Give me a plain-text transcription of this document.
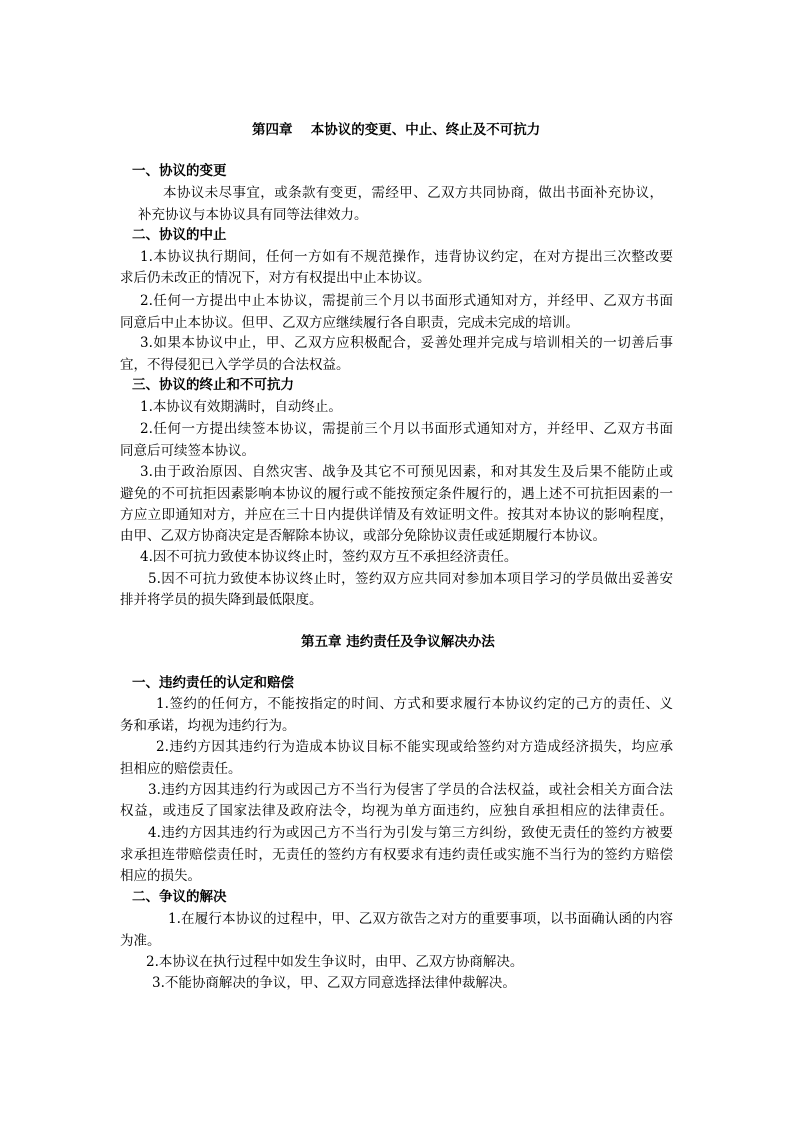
第四章　 本协议的变更、中止、终止及不可抗力
一、协议的变更
本协议未尽事宜，或条款有变更，需经甲、乙双方共同协商，做出书面补充协议，
补充协议与本协议具有同等法律效力。
二、协议的中止
1.本协议执行期间，任何一方如有不规范操作，违背协议约定，在对方提出三次整改要
求后仍未改正的情况下，对方有权提出中止本协议。
2.任何一方提出中止本协议，需提前三个月以书面形式通知对方，并经甲、乙双方书面
同意后中止本协议。但甲、乙双方应继续履行各自职责，完成未完成的培训。
3.如果本协议中止，甲、乙双方应积极配合，妥善处理并完成与培训相关的一切善后事
宜，不得侵犯已入学学员的合法权益。
三、协议的终止和不可抗力
1.本协议有效期满时，自动终止。
2.任何一方提出续签本协议，需提前三个月以书面形式通知对方，并经甲、乙双方书面
同意后可续签本协议。
3.由于政治原因、自然灾害、战争及其它不可预见因素，和对其发生及后果不能防止或
避免的不可抗拒因素影响本协议的履行或不能按预定条件履行的，遇上述不可抗拒因素的一
方应立即通知对方，并应在三十日内提供详情及有效证明文件。按其对本协议的影响程度，
由甲、乙双方协商决定是否解除本协议，或部分免除协议责任或延期履行本协议。
4.因不可抗力致使本协议终止时，签约双方互不承担经济责任。
5.因不可抗力致使本协议终止时，签约双方应共同对参加本项目学习的学员做出妥善安
排并将学员的损失降到最低限度。
第五章 违约责任及争议解决办法
一、违约责任的认定和赔偿
1.签约的任何方，不能按指定的时间、方式和要求履行本协议约定的己方的责任、义
务和承诺，均视为违约行为。
2.违约方因其违约行为造成本协议目标不能实现或给签约对方造成经济损失，均应承
担相应的赔偿责任。
3.违约方因其违约行为或因己方不当行为侵害了学员的合法权益，或社会相关方面合法
权益，或违反了国家法律及政府法令，均视为单方面违约，应独自承担相应的法律责任。
4.违约方因其违约行为或因己方不当行为引发与第三方纠纷，致使无责任的签约方被要
求承担连带赔偿责任时，无责任的签约方有权要求有违约责任或实施不当行为的签约方赔偿
相应的损失。
二、争议的解决
1.在履行本协议的过程中，甲、乙双方欲告之对方的重要事项，以书面确认函的内容
为准。
2.本协议在执行过程中如发生争议时，由甲、乙双方协商解决。
3.不能协商解决的争议，甲、乙双方同意选择法律仲裁解决。
